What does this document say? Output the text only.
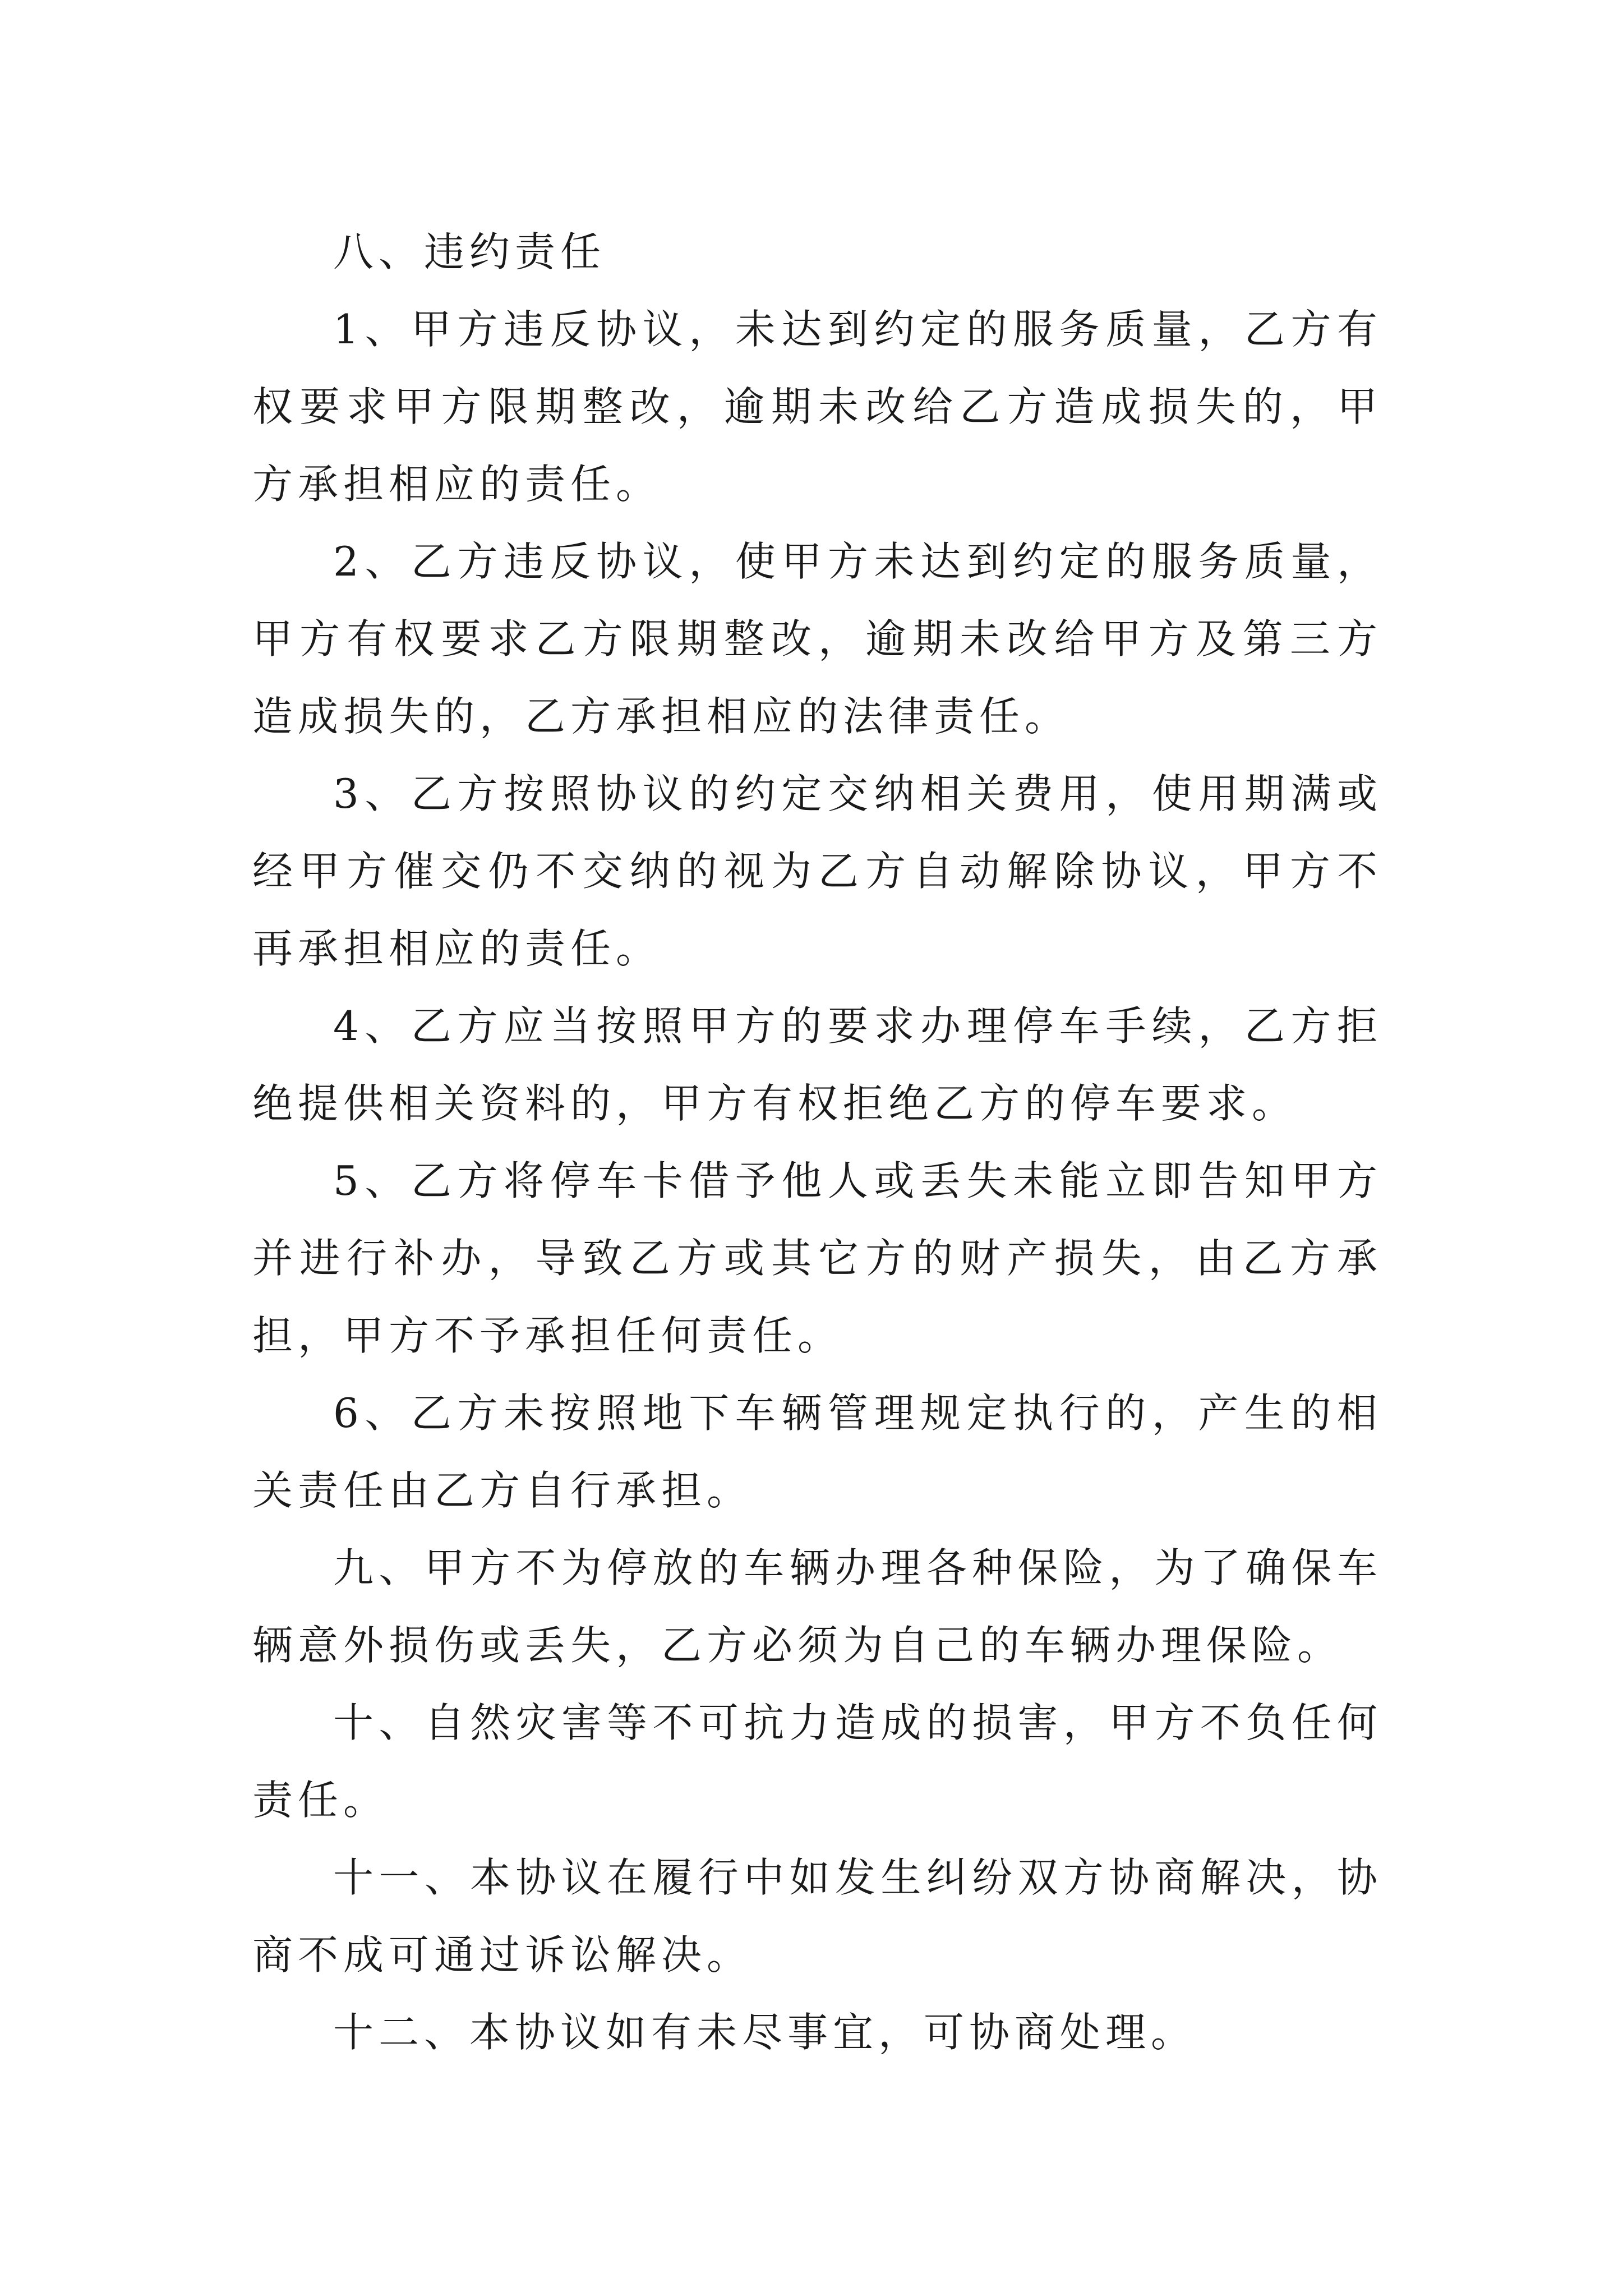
八、违约责任

1、甲方违反协议，未达到约定的服务质量，乙方有权要求甲方限期整改，逾期未改给乙方造成损失的，甲方承担相应的责任。

2、乙方违反协议，使甲方未达到约定的服务质量，甲方有权要求乙方限期整改，逾期未改给甲方及第三方造成损失的，乙方承担相应的法律责任。

3、乙方按照协议的约定交纳相关费用，使用期满或经甲方催交仍不交纳的视为乙方自动解除协议，甲方不再承担相应的责任。

4、乙方应当按照甲方的要求办理停车手续，乙方拒绝提供相关资料的，甲方有权拒绝乙方的停车要求。

5、乙方将停车卡借予他人或丢失未能立即告知甲方并进行补办，导致乙方或其它方的财产损失，由乙方承担，甲方不予承担任何责任。

6、乙方未按照地下车辆管理规定执行的，产生的相关责任由乙方自行承担。

九、甲方不为停放的车辆办理各种保险，为了确保车辆意外损伤或丢失，乙方必须为自己的车辆办理保险。

十、自然灾害等不可抗力造成的损害，甲方不负任何责任。

十一、本协议在履行中如发生纠纷双方协商解决，协商不成可通过诉讼解决。

十二、本协议如有未尽事宜，可协商处理。
